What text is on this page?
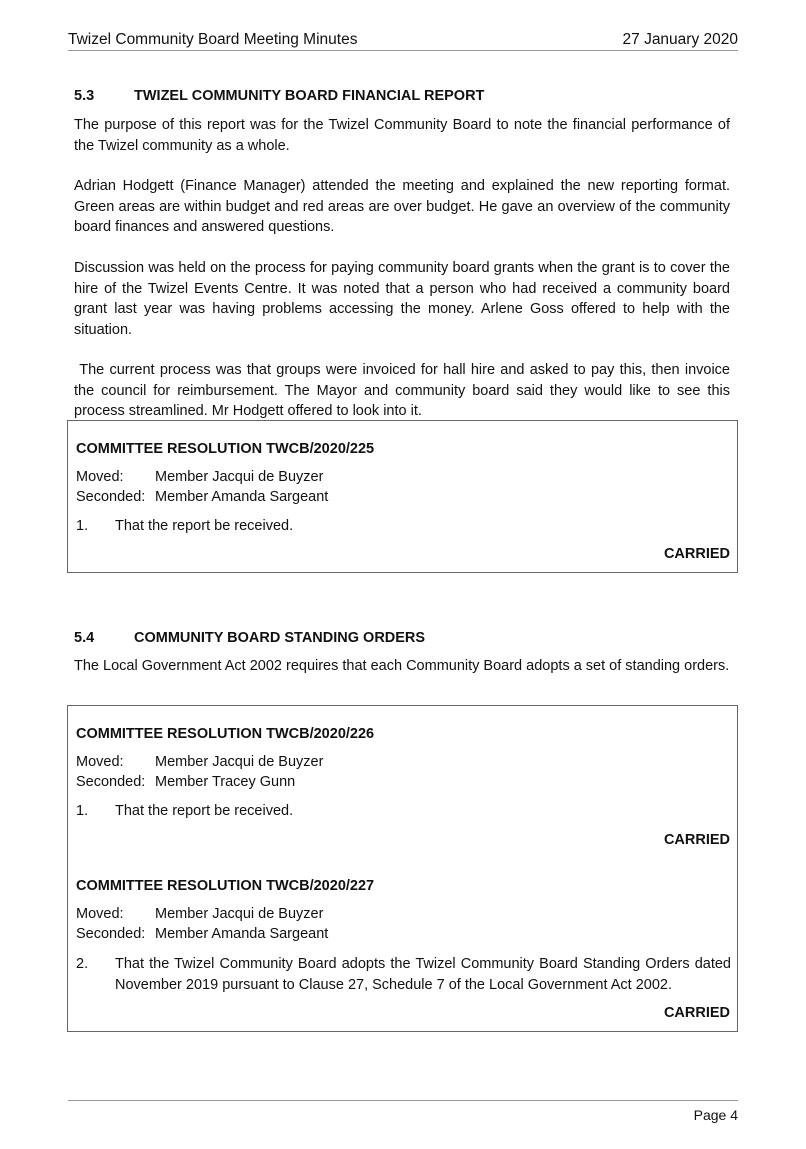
Twizel Community Board Meeting Minutes	27 January 2020
5.3	TWIZEL COMMUNITY BOARD FINANCIAL REPORT
The purpose of this report was for the Twizel Community Board to note the financial performance of the Twizel community as a whole.
Adrian Hodgett (Finance Manager) attended the meeting and explained the new reporting format. Green areas are within budget and red areas are over budget. He gave an overview of the community board finances and answered questions.
Discussion was held on the process for paying community board grants when the grant is to cover the hire of the Twizel Events Centre. It was noted that a person who had received a community board grant last year was having problems accessing the money. Arlene Goss offered to help with the situation.
The current process was that groups were invoiced for hall hire and asked to pay this, then invoice the council for reimbursement. The Mayor and community board said they would like to see this process streamlined. Mr Hodgett offered to look into it.
COMMITTEE RESOLUTION TWCB/2020/225
Moved: Member Jacqui de Buyzer
Seconded: Member Amanda Sargeant
1. That the report be received.
CARRIED
5.4	COMMUNITY BOARD STANDING ORDERS
The Local Government Act 2002 requires that each Community Board adopts a set of standing orders.
COMMITTEE RESOLUTION TWCB/2020/226
Moved: Member Jacqui de Buyzer
Seconded: Member Tracey Gunn
1. That the report be received.
CARRIED
COMMITTEE RESOLUTION TWCB/2020/227
Moved: Member Jacqui de Buyzer
Seconded: Member Amanda Sargeant
2. That the Twizel Community Board adopts the Twizel Community Board Standing Orders dated November 2019 pursuant to Clause 27, Schedule 7 of the Local Government Act 2002.
CARRIED
Page 4
